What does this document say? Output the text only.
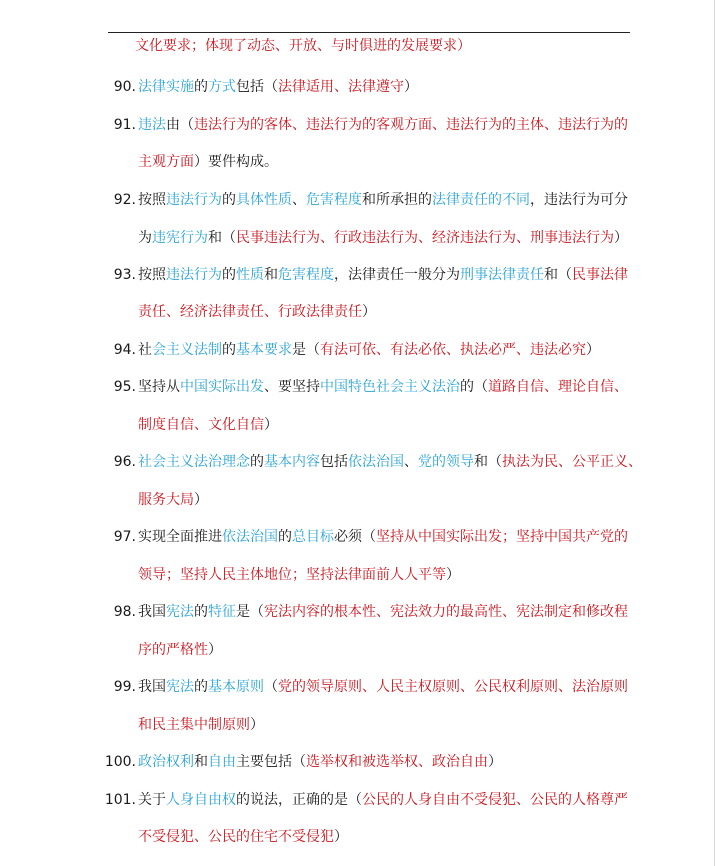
文化要求；体现了动态、开放、与时俱进的发展要求）
90. 法律实施的方式包括（法律适用、法律遵守）
91. 违法由（违法行为的客体、违法行为的客观方面、违法行为的主体、违法行为的
主观方面）要件构成。
92. 按照违法行为的具体性质、危害程度和所承担的法律责任的不同，违法行为可分
为违宪行为和（民事违法行为、行政违法行为、经济违法行为、刑事违法行为）
93. 按照违法行为的性质和危害程度，法律责任一般分为刑事法律责任和（民事法律
责任、经济法律责任、行政法律责任）
94. 社会主义法制的基本要求是（有法可依、有法必依、执法必严、违法必究）
95. 坚持从中国实际出发、要坚持中国特色社会主义法治的（道路自信、理论自信、
制度自信、文化自信）
96. 社会主义法治理念的基本内容包括依法治国、党的领导和（执法为民、公平正义、
服务大局）
97. 实现全面推进依法治国的总目标必须（坚持从中国实际出发；坚持中国共产党的
领导；坚持人民主体地位；坚持法律面前人人平等）
98. 我国宪法的特征是（宪法内容的根本性、宪法效力的最高性、宪法制定和修改程
序的严格性）
99. 我国宪法的基本原则（党的领导原则、人民主权原则、公民权利原则、法治原则
和民主集中制原则）
100. 政治权利和自由主要包括（选举权和被选举权、政治自由）
101. 关于人身自由权的说法，正确的是（公民的人身自由不受侵犯、公民的人格尊严
不受侵犯、公民的住宅不受侵犯）
